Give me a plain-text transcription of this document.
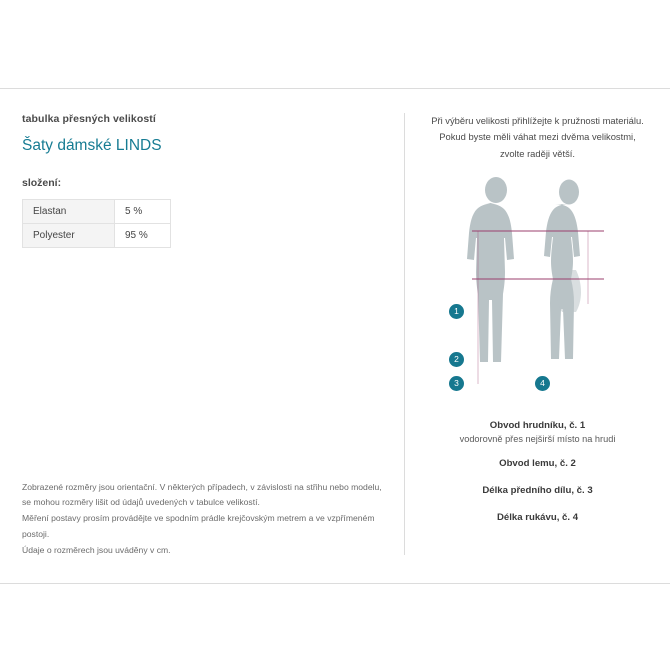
tabulka přesných velikostí
Šaty dámské LINDS
složení:
Elastan	5 %
Polyester	95 %

Zobrazené rozměry jsou orientační. V některých případech, v závislosti na střihu nebo modelu,

se mohou rozměry lišit od údajů uvedených v tabulce velikostí.

Měření postavy prosím provádějte ve spodním prádle krejčovským metrem a ve vzpřímeném postoji.

Údaje o rozměrech jsou uváděny v cm.

Při výběru velikosti přihlížejte k pružnosti materiálu.
Pokud byste měli váhat mezi dvěma velikostmi,
zvolte raději větší.
1
2
3	4

Obvod hrudníku, č. 1

vodorovně přes nejširší místo na hrudi

Obvod lemu, č. 2

Délka předního dílu, č. 3

Délka rukávu, č. 4
